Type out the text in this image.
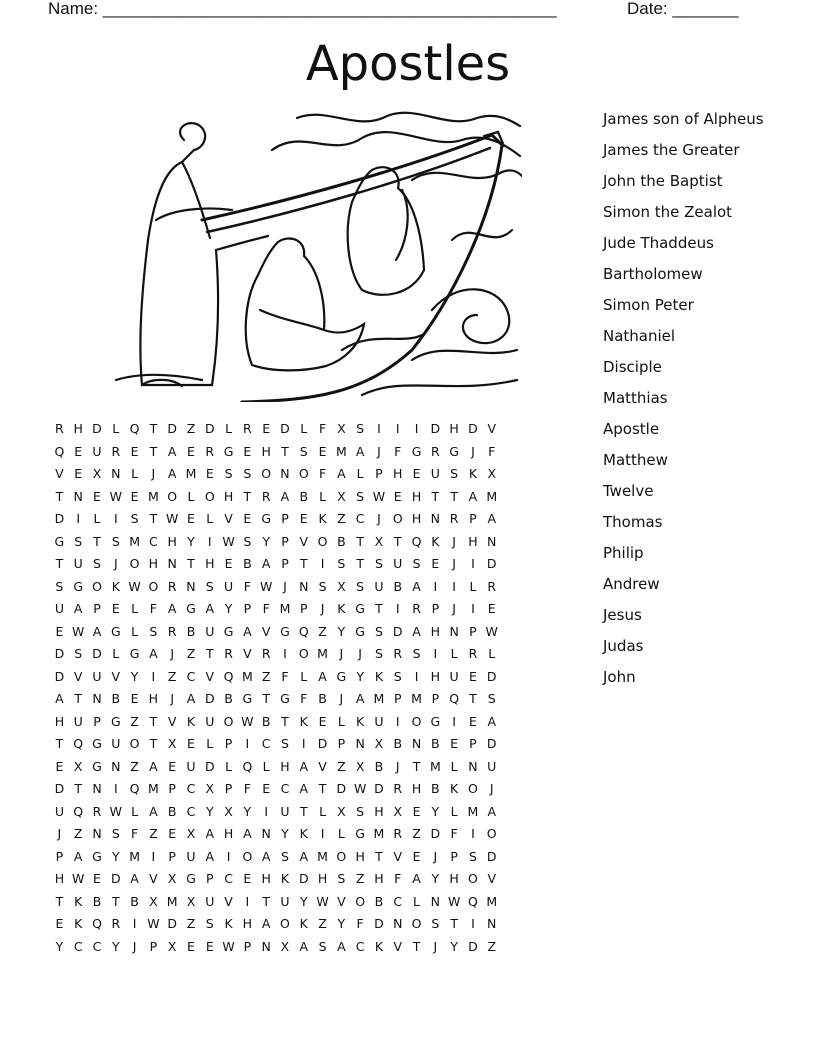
Name: ________________________________________________	Date: _______
Apostles
James son of Alpheus
James the Greater
John the Baptist
Simon the Zealot
Jude Thaddeus
Bartholomew
Simon Peter
Nathaniel
Disciple
Matthias
Apostle
Matthew
Twelve
Thomas
Philip
Andrew
Jesus
Judas
John
R H D L Q T D Z D L R E D L F X S I I I D H D V
Q E U R E T A E R G E H T S E M A J F G R G J F
V E X N L J A M E S S O N O F A L P H E U S K X
T N E W E M O L O H T R A B L X S W E H T T A M
D I L I S T W E L V E G P E K Z C J O H N R P A
G S T S M C H Y I W S Y P V O B T X T Q K J H N
T U S J O H N T H E B A P T I S T S U S E J I D
S G O K W O R N S U F W J N S X S U B A I I L R
U A P E L F A G A Y P F M P J K G T I R P J I E
E W A G L S R B U G A V G Q Z Y G S D A H N P W
D S D L G A J Z T R V R I O M J J S R S I L R L
D V U V Y I Z C V Q M Z F L A G Y K S I H U E D
A T N B E H J A D B G T G F B J A M P M P Q T S
H U P G Z T V K U O W B T K E L K U I O G I E A
T Q G U O T X E L P I C S I D P N X B N B E P D
E X G N Z A E U D L Q L H A V Z X B J T M L N U
D T N I Q M P C X P F E C A T D W D R H B K O J
U Q R W L A B C Y X Y I U T L X S H X E Y L M A
J Z N S F Z E X A H A N Y K I L G M R Z D F I O
P A G Y M I P U A I O A S A M O H T V E J P S D
H W E D A V X G P C E H K D H S Z H F A Y H O V
T K B T B X M X U V I T U Y W V O B C L N W Q M
E K Q R I W D Z S K H A O K Z Y F D N O S T I N
Y C C Y J P X E E W P N X A S A C K V T J Y D Z
